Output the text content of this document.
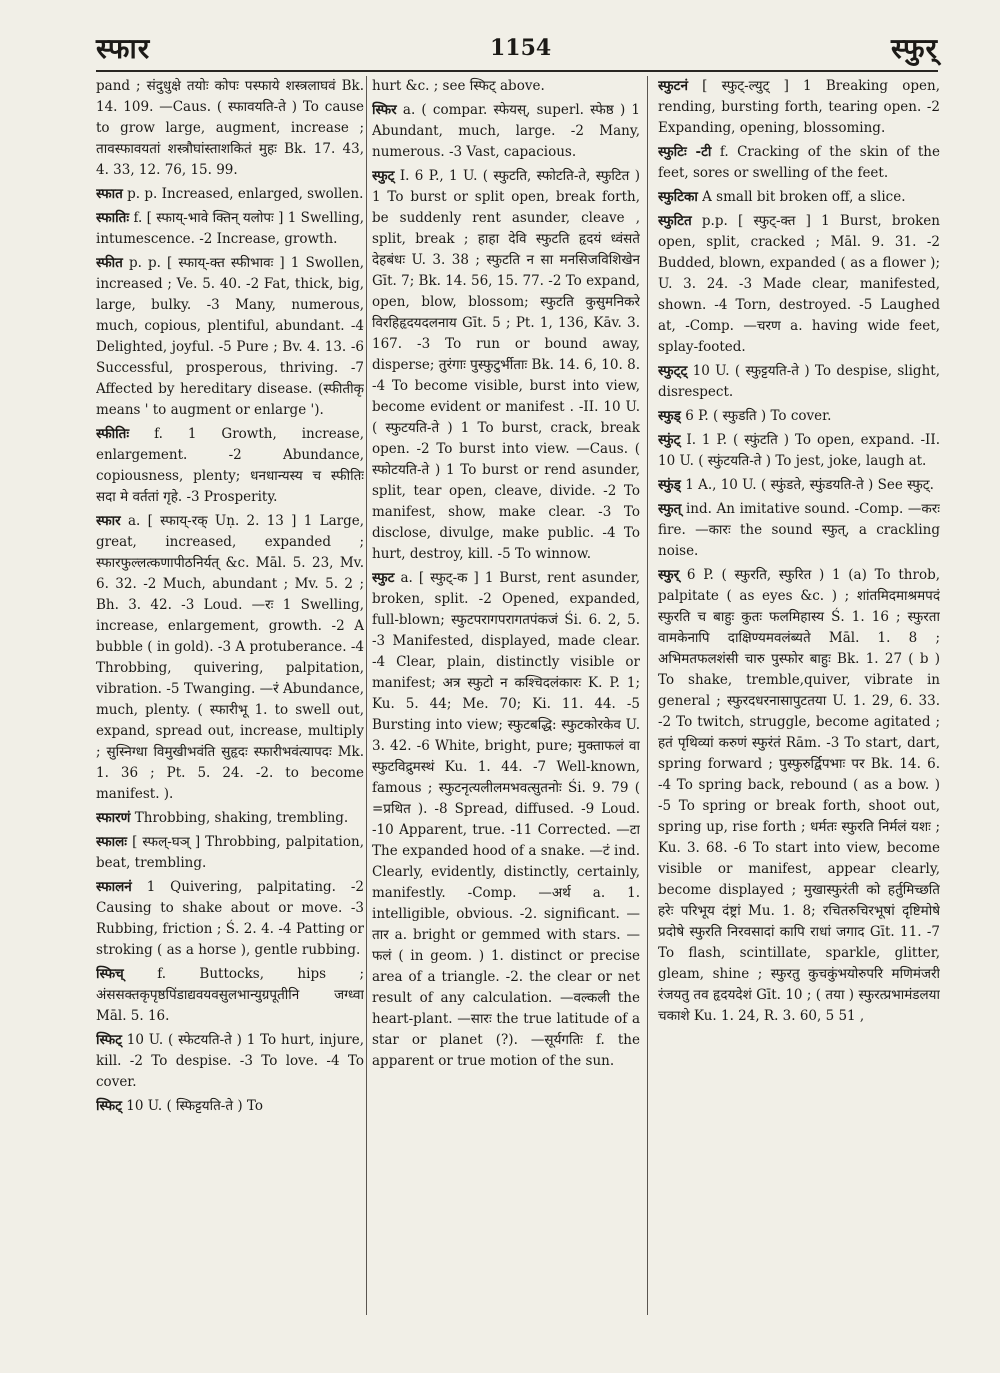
स्फार	1154	स्फुर्

pand ; संदुधुक्षे तयोः कोपः पस्फाये शस्त्रलाघवं Bk. 14. 109. —Caus. ( स्फावयति-ते ) To cause to grow large, augment, increase ; तावस्फावयतां शस्त्रौघांस्ताशकितं मुहः Bk. 17. 43, 4. 33, 12. 76, 15. 99.

स्फात p. p. Increased, enlarged, swollen.

स्फातिः f. [ स्फाय्-भावे क्तिन् यलोपः ] 1 Swelling, intumescence. -2 Increase, growth.

स्फीत p. p. [ स्फाय्-क्त स्फीभावः ] 1 Swollen, increased ; Ve. 5. 40. -2 Fat, thick, big, large, bulky. -3 Many, numerous, much, copious, plentiful, abundant. -4 Delighted, joyful. -5 Pure ; Bv. 4. 13. -6 Successful, prosperous, thriving. -7 Affected by hereditary disease. (स्फीतीकृ means ' to augment or enlarge ').

स्फीतिः f. 1 Growth, increase, enlargement. -2 Abundance, copiousness, plenty; धनधान्यस्य च स्फीतिः सदा मे वर्ततां गृहे. -3 Prosperity.

स्फार a. [ स्फाय्-रक् Uṇ. 2. 13 ] 1 Large, great, increased, expanded ; स्फारफुल्लत्कणापीठनिर्यत् &c. Māl. 5. 23, Mv. 6. 32. -2 Much, abundant ; Mv. 5. 2 ; Bh. 3. 42. -3 Loud. —रः 1 Swelling, increase, enlargement, growth. -2 A bubble ( in gold). -3 A protuberance. -4 Throbbing, quivering, palpitation, vibration. -5 Twanging. —रं Abundance, much, plenty. ( स्फारीभू 1. to swell out, expand, spread out, increase, multiply ; सुस्निग्धा विमुखीभवंति सुहृदः स्फारीभवंत्यापदः Mk. 1. 36 ; Pt. 5. 24. -2. to become manifest. ).

स्फारणं Throbbing, shaking, trembling.

स्फालः [ स्फल्-घञ् ] Throbbing, palpitation, beat, trembling.

स्फालनं 1 Quivering, palpitating. -2 Causing to shake about or move. -3 Rubbing, friction ; Ś. 2. 4. -4 Patting or stroking ( as a horse ), gentle rubbing.

स्फिच् f. Buttocks, hips ; अंससक्तकृपृष्ठपिंडाद्यवयवसुलभान्युग्रपूतीनि जग्ध्वा Māl. 5. 16.

स्फिट् 10 U. ( स्फेटयति-ते ) 1 To hurt, injure, kill. -2 To despise. -3 To love. -4 To cover.

स्फिट् 10 U. ( स्फिट्टयति-ते ) To

hurt &c. ; see स्फिट् above.

स्फिर a. ( compar. स्फेयस्, superl. स्फेष्ठ ) 1 Abundant, much, large. -2 Many, numerous. -3 Vast, capacious.

स्फुट् I. 6 P., 1 U. ( स्फुटति, स्फोटति-ते, स्फुटित ) 1 To burst or split open, break forth, be suddenly rent asunder, cleave , split, break ; हाहा देवि स्फुटति हृदयं ध्वंसते देहबंधः U. 3. 38 ; स्फुटति न सा मनसिजविशिखेन Gīt. 7; Bk. 14. 56, 15. 77. -2 To expand, open, blow, blossom; स्फुटति कुसुमनिकरे विरहिहृदयदलनाय Gīt. 5 ; Pt. 1, 136, Kāv. 3. 167. -3 To run or bound away, disperse; तुरंगाः पुस्फुटुर्भीताः Bk. 14. 6, 10. 8. -4 To become visible, burst into view, become evident or manifest . -II. 10 U. ( स्फुटयति-ते ) 1 To burst, crack, break open. -2 To burst into view. —Caus. ( स्फोटयति-ते ) 1 To burst or rend asunder, split, tear open, cleave, divide. -2 To manifest, show, make clear. -3 To disclose, divulge, make public. -4 To hurt, destroy, kill. -5 To winnow.

स्फुट a. [ स्फुट्-क ] 1 Burst, rent asunder, broken, split. -2 Opened, expanded, full-blown; स्फुटपरागपरागतपंकजं Śi. 6. 2, 5. -3 Manifested, displayed, made clear. -4 Clear, plain, distinctly visible or manifest; अत्र स्फुटो न कश्चिदलंकारः K. P. 1; Ku. 5. 44; Me. 70; Ki. 11. 44. -5 Bursting into view; स्फुटबद्धि: स्फुटकोरकेव U. 3. 42. -6 White, bright, pure; मुक्ताफलं वा स्फुटविद्रुमस्थं Ku. 1. 44. -7 Well-known, famous ; स्फुटनृत्यलीलमभवत्सुतनोः Śi. 9. 79 ( =प्रथित ). -8 Spread, diffused. -9 Loud. -10 Apparent, true. -11 Corrected. —टा The expanded hood of a snake. —टं ind. Clearly, evidently, distinctly, certainly, manifestly. -Comp. —अर्थ a. 1. intelligible, obvious. -2. significant. —तार a. bright or gemmed with stars. —फलं ( in geom. ) 1. distinct or precise area of a triangle. -2. the clear or net result of any calculation. —वल्कली the heart-plant. —सारः the true latitude of a star or planet (?). —सूर्यगतिः f. the apparent or true motion of the sun.

स्फुटनं [ स्फुट्-ल्युट् ] 1 Breaking open, rending, bursting forth, tearing open. -2 Expanding, opening, blossoming.

स्फुटिः -टी f. Cracking of the skin of the feet, sores or swelling of the feet.

स्फुटिका A small bit broken off, a slice.

स्फुटित p.p. [ स्फुट्-क्त ] 1 Burst, broken open, split, cracked ; Māl. 9. 31. -2 Budded, blown, expanded ( as a flower ); U. 3. 24. -3 Made clear, manifested, shown. -4 Torn, destroyed. -5 Laughed at, -Comp. —चरण a. having wide feet, splay-footed.

स्फुट्ट् 10 U. ( स्फुट्टयति-ते ) To despise, slight, disrespect.

स्फुड् 6 P. ( स्फुडति ) To cover.

स्फुंट् I. 1 P. ( स्फुंटति ) To open, expand. -II. 10 U. ( स्फुंटयति-ते ) To jest, joke, laugh at.

स्फुंड् 1 A., 10 U. ( स्फुंडते, स्फुंडयति-ते ) See स्फुट्.

स्फुत् ind. An imitative sound. -Comp. —करः fire. —कारः the sound स्फुत्, a crackling noise.

स्फुर् 6 P. ( स्फुरति, स्फुरित ) 1 (a) To throb, palpitate ( as eyes &c. ) ; शांतमिदमाश्रमपदं स्फुरति च बाहुः कुतः फलमिहास्य Ś. 1. 16 ; स्फुरता वामकेनापि दाक्षिण्यमवलंब्यते Māl. 1. 8 ; अभिमतफलशंसी चारु पुस्फोर बाहुः Bk. 1. 27 ( b ) To shake, tremble,quiver, vibrate in general ; स्फुरदधरनासापुटतया U. 1. 29, 6. 33. -2 To twitch, struggle, become agitated ; हतं पृथिव्यां करुणं स्फुरंतं Rām. -3 To start, dart, spring forward ; पुस्फुरुर्द्विपभाः पर Bk. 14. 6. -4 To spring back, rebound ( as a bow. ) -5 To spring or break forth, shoot out, spring up, rise forth ; धर्मतः स्फुरति निर्मलं यशः ; Ku. 3. 68. -6 To start into view, become visible or manifest, appear clearly, become displayed ; मुखास्फुरंती को हर्तुमिच्छति हरेः परिभूय दंष्ट्रां Mu. 1. 8; रचितरुचिरभूषां दृष्टिमोषे प्रदोषे स्फुरति निरवसादां कापि राधां जगाद Gīt. 11. -7 To flash, scintillate, sparkle, glitter, gleam, shine ; स्फुरतु कुचकुंभयोरुपरि मणिमंजरी रंजयतु तव हृदयदेशं Gīt. 10 ; ( तया ) स्फुरत्प्रभामंडलया चकाशे Ku. 1. 24, R. 3. 60, 5 51 ,
